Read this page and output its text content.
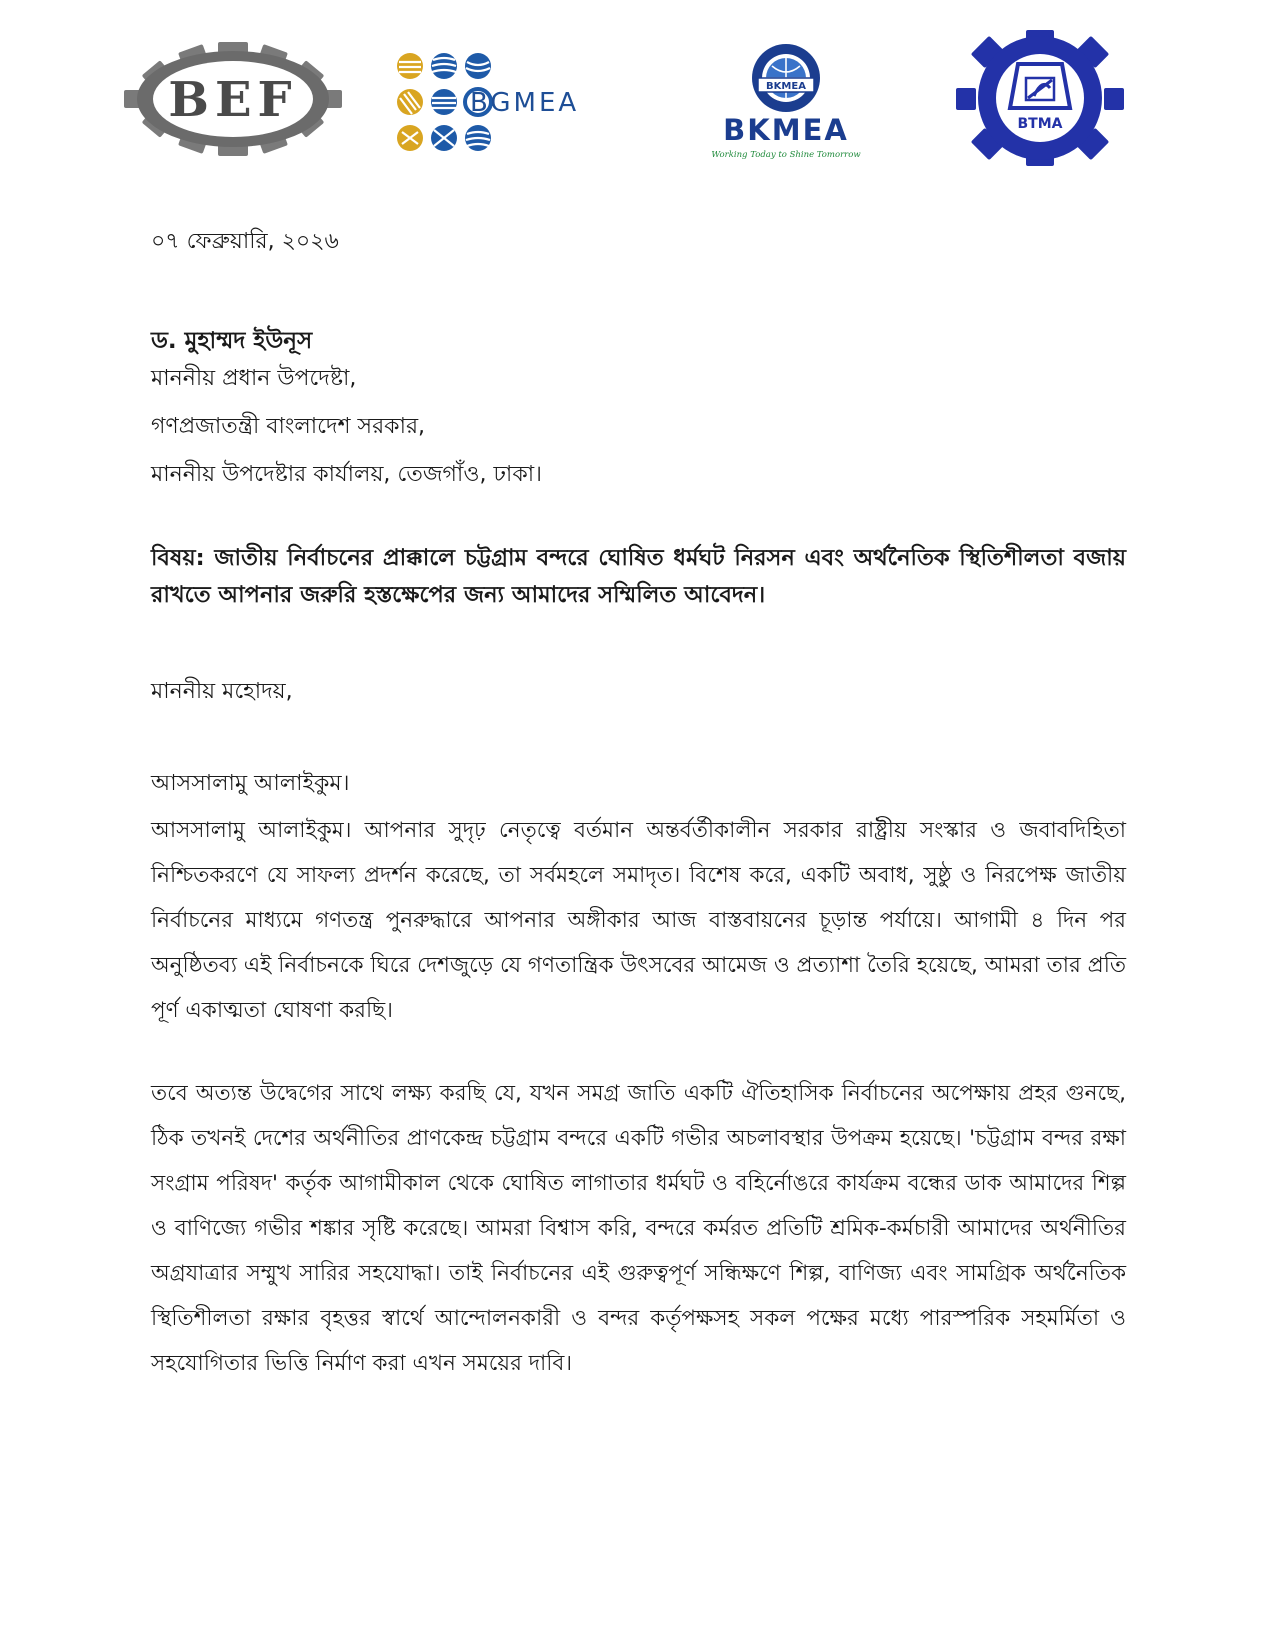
BEF	BGMEA
BKMEA
BKMEA
Working Today to Shine Tomorrow
BTMA
০৭ ফেব্রুয়ারি, ২০২৬
ড. মুহাম্মদ ইউনূস
মাননীয় প্রধান উপদেষ্টা,
গণপ্রজাতন্ত্রী বাংলাদেশ সরকার,
মাননীয় উপদেষ্টার কার্যালয়, তেজগাঁও, ঢাকা।
বিষয়: জাতীয় নির্বাচনের প্রাক্কালে চট্টগ্রাম বন্দরে ঘোষিত ধর্মঘট নিরসন এবং অর্থনৈতিক স্থিতিশীলতা বজায় রাখতে আপনার জরুরি হস্তক্ষেপের জন্য আমাদের সম্মিলিত আবেদন।
মাননীয় মহোদয়,
আসসালামু আলাইকুম।

আসসালামু আলাইকুম। আপনার সুদৃঢ় নেতৃত্বে বর্তমান অন্তর্বর্তীকালীন সরকার রাষ্ট্রীয় সংস্কার ও জবাবদিহিতা নিশ্চিতকরণে যে সাফল্য প্রদর্শন করেছে, তা সর্বমহলে সমাদৃত। বিশেষ করে, একটি অবাধ, সুষ্ঠু ও নিরপেক্ষ জাতীয় নির্বাচনের মাধ্যমে গণতন্ত্র পুনরুদ্ধারে আপনার অঙ্গীকার আজ বাস্তবায়নের চূড়ান্ত পর্যায়ে। আগামী ৪ দিন পর অনুষ্ঠিতব্য এই নির্বাচনকে ঘিরে দেশজুড়ে যে গণতান্ত্রিক উৎসবের আমেজ ও প্রত্যাশা তৈরি হয়েছে, আমরা তার প্রতি পূর্ণ একাত্মতা ঘোষণা করছি।

তবে অত্যন্ত উদ্বেগের সাথে লক্ষ্য করছি যে, যখন সমগ্র জাতি একটি ঐতিহাসিক নির্বাচনের অপেক্ষায় প্রহর গুনছে, ঠিক তখনই দেশের অর্থনীতির প্রাণকেন্দ্র চট্টগ্রাম বন্দরে একটি গভীর অচলাবস্থার উপক্রম হয়েছে। 'চট্টগ্রাম বন্দর রক্ষা সংগ্রাম পরিষদ' কর্তৃক আগামীকাল থেকে ঘোষিত লাগাতার ধর্মঘট ও বহির্নোঙরে কার্যক্রম বন্ধের ডাক আমাদের শিল্প ও বাণিজ্যে গভীর শঙ্কার সৃষ্টি করেছে। আমরা বিশ্বাস করি, বন্দরে কর্মরত প্রতিটি শ্রমিক-কর্মচারী আমাদের অর্থনীতির অগ্রযাত্রার সম্মুখ সারির সহযোদ্ধা। তাই নির্বাচনের এই গুরুত্বপূর্ণ সন্ধিক্ষণে শিল্প, বাণিজ্য এবং সামগ্রিক অর্থনৈতিক স্থিতিশীলতা রক্ষার বৃহত্তর স্বার্থে আন্দোলনকারী ও বন্দর কর্তৃপক্ষসহ সকল পক্ষের মধ্যে পারস্পরিক সহমর্মিতা ও সহযোগিতার ভিত্তি নির্মাণ করা এখন সময়ের দাবি।
